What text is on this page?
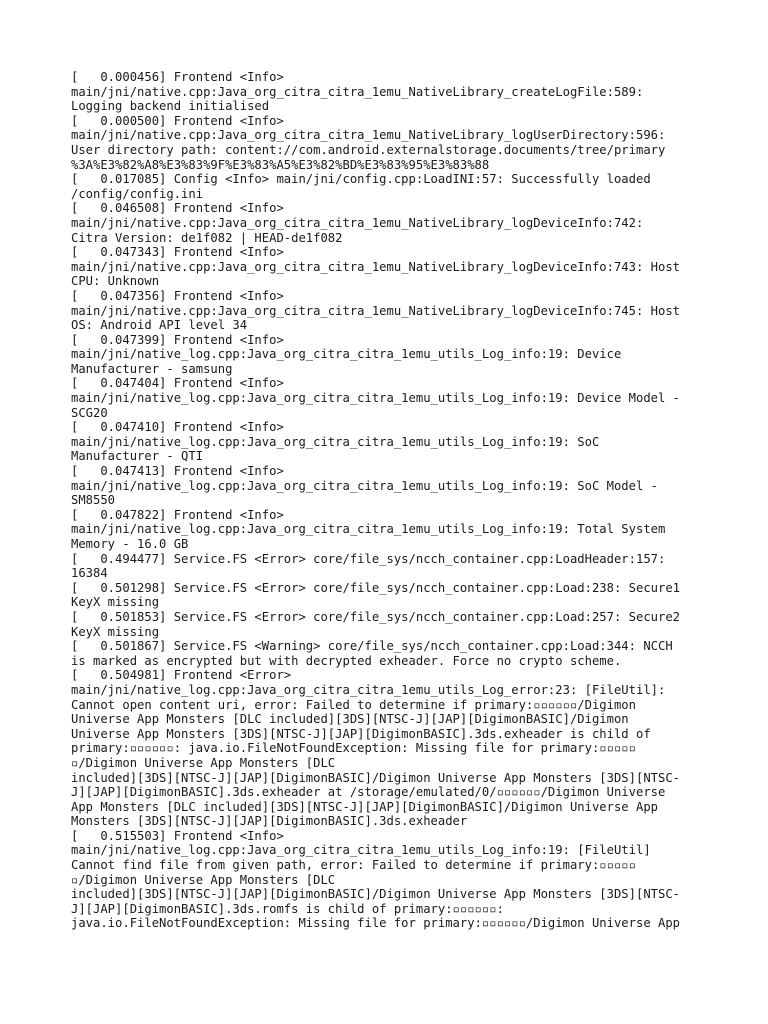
[   0.000456] Frontend <Info>
main/jni/native.cpp:Java_org_citra_citra_1emu_NativeLibrary_createLogFile:589:
Logging backend initialised
[   0.000500] Frontend <Info>
main/jni/native.cpp:Java_org_citra_citra_1emu_NativeLibrary_logUserDirectory:596:
User directory path: content://com.android.externalstorage.documents/tree/primary
%3A%E3%82%A8%E3%83%9F%E3%83%A5%E3%82%BD%E3%83%95%E3%83%88
[   0.017085] Config <Info> main/jni/config.cpp:LoadINI:57: Successfully loaded
/config/config.ini
[   0.046508] Frontend <Info>
main/jni/native.cpp:Java_org_citra_citra_1emu_NativeLibrary_logDeviceInfo:742:
Citra Version: de1f082 | HEAD-de1f082
[   0.047343] Frontend <Info>
main/jni/native.cpp:Java_org_citra_citra_1emu_NativeLibrary_logDeviceInfo:743: Host
CPU: Unknown
[   0.047356] Frontend <Info>
main/jni/native.cpp:Java_org_citra_citra_1emu_NativeLibrary_logDeviceInfo:745: Host
OS: Android API level 34
[   0.047399] Frontend <Info>
main/jni/native_log.cpp:Java_org_citra_citra_1emu_utils_Log_info:19: Device
Manufacturer - samsung
[   0.047404] Frontend <Info>
main/jni/native_log.cpp:Java_org_citra_citra_1emu_utils_Log_info:19: Device Model -
SCG20
[   0.047410] Frontend <Info>
main/jni/native_log.cpp:Java_org_citra_citra_1emu_utils_Log_info:19: SoC
Manufacturer - QTI
[   0.047413] Frontend <Info>
main/jni/native_log.cpp:Java_org_citra_citra_1emu_utils_Log_info:19: SoC Model -
SM8550
[   0.047822] Frontend <Info>
main/jni/native_log.cpp:Java_org_citra_citra_1emu_utils_Log_info:19: Total System
Memory - 16.0 GB
[   0.494477] Service.FS <Error> core/file_sys/ncch_container.cpp:LoadHeader:157:
16384
[   0.501298] Service.FS <Error> core/file_sys/ncch_container.cpp:Load:238: Secure1
KeyX missing
[   0.501853] Service.FS <Error> core/file_sys/ncch_container.cpp:Load:257: Secure2
KeyX missing
[   0.501867] Service.FS <Warning> core/file_sys/ncch_container.cpp:Load:344: NCCH
is marked as encrypted but with decrypted exheader. Force no crypto scheme.
[   0.504981] Frontend <Error>
main/jni/native_log.cpp:Java_org_citra_citra_1emu_utils_Log_error:23: [FileUtil]:
Cannot open content uri, error: Failed to determine if primary:▫▫▫▫▫▫/Digimon
Universe App Monsters [DLC included][3DS][NTSC-J][JAP][DigimonBASIC]/Digimon
Universe App Monsters [3DS][NTSC-J][JAP][DigimonBASIC].3ds.exheader is child of
primary:▫▫▫▫▫▫: java.io.FileNotFoundException: Missing file for primary:▫▫▫▫▫
▫/Digimon Universe App Monsters [DLC
included][3DS][NTSC-J][JAP][DigimonBASIC]/Digimon Universe App Monsters [3DS][NTSC-
J][JAP][DigimonBASIC].3ds.exheader at /storage/emulated/0/▫▫▫▫▫▫/Digimon Universe
App Monsters [DLC included][3DS][NTSC-J][JAP][DigimonBASIC]/Digimon Universe App
Monsters [3DS][NTSC-J][JAP][DigimonBASIC].3ds.exheader
[   0.515503] Frontend <Info>
main/jni/native_log.cpp:Java_org_citra_citra_1emu_utils_Log_info:19: [FileUtil]
Cannot find file from given path, error: Failed to determine if primary:▫▫▫▫▫
▫/Digimon Universe App Monsters [DLC
included][3DS][NTSC-J][JAP][DigimonBASIC]/Digimon Universe App Monsters [3DS][NTSC-
J][JAP][DigimonBASIC].3ds.romfs is child of primary:▫▫▫▫▫▫:
java.io.FileNotFoundException: Missing file for primary:▫▫▫▫▫▫/Digimon Universe App
